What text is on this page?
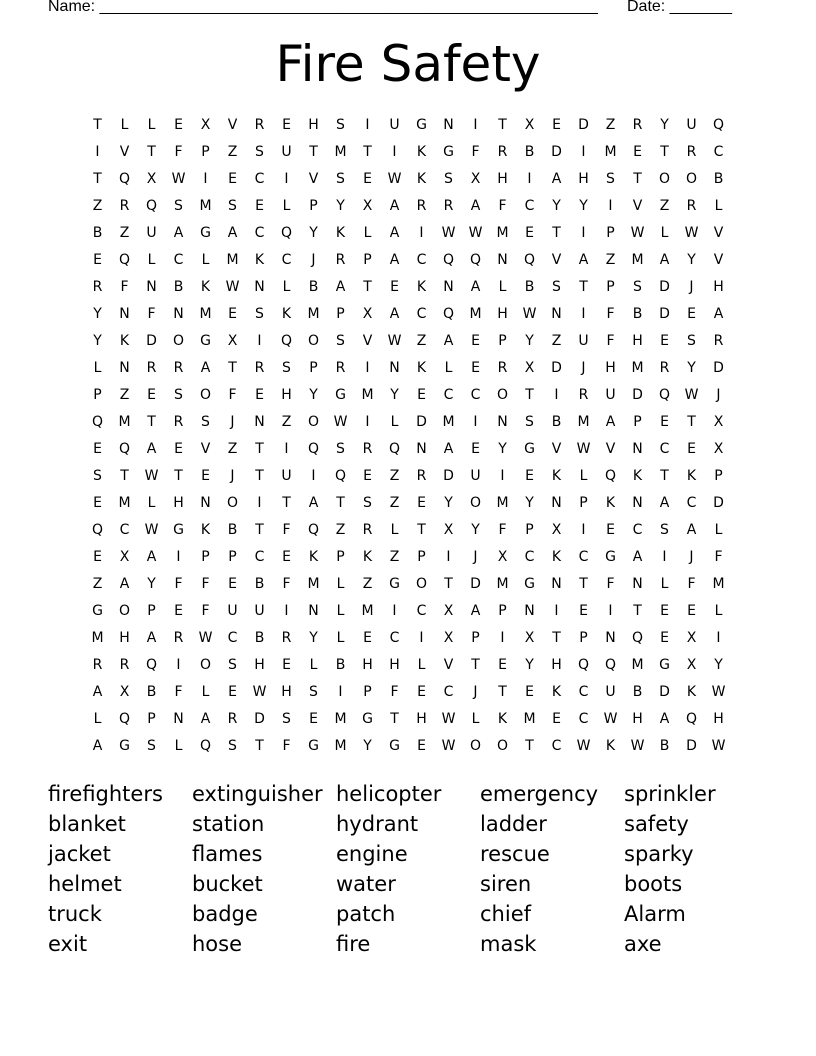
Name: ________________________________________________________ Date: _______
Fire Safety
T	L	L	E	X	V	R	E	H	S	I	U	G	N	I	T	X	E	D	Z	R	Y	U	Q
I	V	T	F	P	Z	S	U	T	M	T	I	K	G	F	R	B	D	I	M	E	T	R	C
T	Q	X	W	I	E	C	I	V	S	E	W	K	S	X	H	I	A	H	S	T	O	O	B
Z	R	Q	S	M	S	E	L	P	Y	X	A	R	R	A	F	C	Y	Y	I	V	Z	R	L
B	Z	U	A	G	A	C	Q	Y	K	L	A	I	W W	M	E	T	I	P	W	L	W	V
E	Q	L	C	L	M	K	C	J	R	P	A	C	Q	Q	N	Q	V	A	Z	M	A	Y	V
R	F	N	B	K	W	N	L	B	A	T	E	K	N	A	L	B	S	T	P	S	D	J	H
Y	N	F	N	M	E	S	K	M	P	X	A	C	Q	M	H	W	N	I	F	B	D	E	A
Y	K	D	O	G	X	I	Q	O	S	V	W	Z	A	E	P	Y	Z	U	F	H	E	S	R
L	N	R	R	A	T	R	S	P	R	I	N	K	L	E	R	X	D	J	H	M	R	Y	D
P	Z	E	S	O	F	E	H	Y	G	M	Y	E	C	C	O	T	I	R	U	D	Q	W	J
Q	M	T	R	S	J	N	Z	O	W	I	L	D	M	I	N	S	B	M	A	P	E	T	X
E	Q	A	E	V	Z	T	I	Q	S	R	Q	N	A	E	Y	G	V	W	V	N	C	E	X
S	T	W	T	E	J	T	U	I	Q	E	Z	R	D	U	I	E	K	L	Q	K	T	K	P
E	M	L	H	N	O	I	T	A	T	S	Z	E	Y	O	M	Y	N	P	K	N	A	C	D
Q	C	W	G	K	B	T	F	Q	Z	R	L	T	X	Y	F	P	X	I	E	C	S	A	L
E	X	A	I	P	P	C	E	K	P	K	Z	P	I	J	X	C	K	C	G	A	I	J	F
Z	A	Y	F	F	E	B	F	M	L	Z	G	O	T	D	M	G	N	T	F	N	L	F	M
G	O	P	E	F	U	U	I	N	L	M	I	C	X	A	P	N	I	E	I	T	E	E	L
M	H	A	R	W	C	B	R	Y	L	E	C	I	X	P	I	X	T	P	N	Q	E	X	I
R	R	Q	I	O	S	H	E	L	B	H	H	L	V	T	E	Y	H	Q	Q	M	G	X	Y
A	X	B	F	L	E	W	H	S	I	P	F	E	C	J	T	E	K	C	U	B	D	K	W
L	Q	P	N	A	R	D	S	E	M	G	T	H	W	L	K	M	E	C	W	H	A	Q	H
A	G	S	L	Q	S	T	F	G	M	Y	G	E	W	O	O	T	C	W	K	W	B	D	W
firefighters	extinguisher helicopter	emergency	sprinkler
blanket	station	hydrant	ladder	safety
jacket	flames	engine	rescue	sparky
helmet	bucket	water	siren	boots
truck	badge	patch	chief	Alarm
exit	hose	fire	mask	axe
